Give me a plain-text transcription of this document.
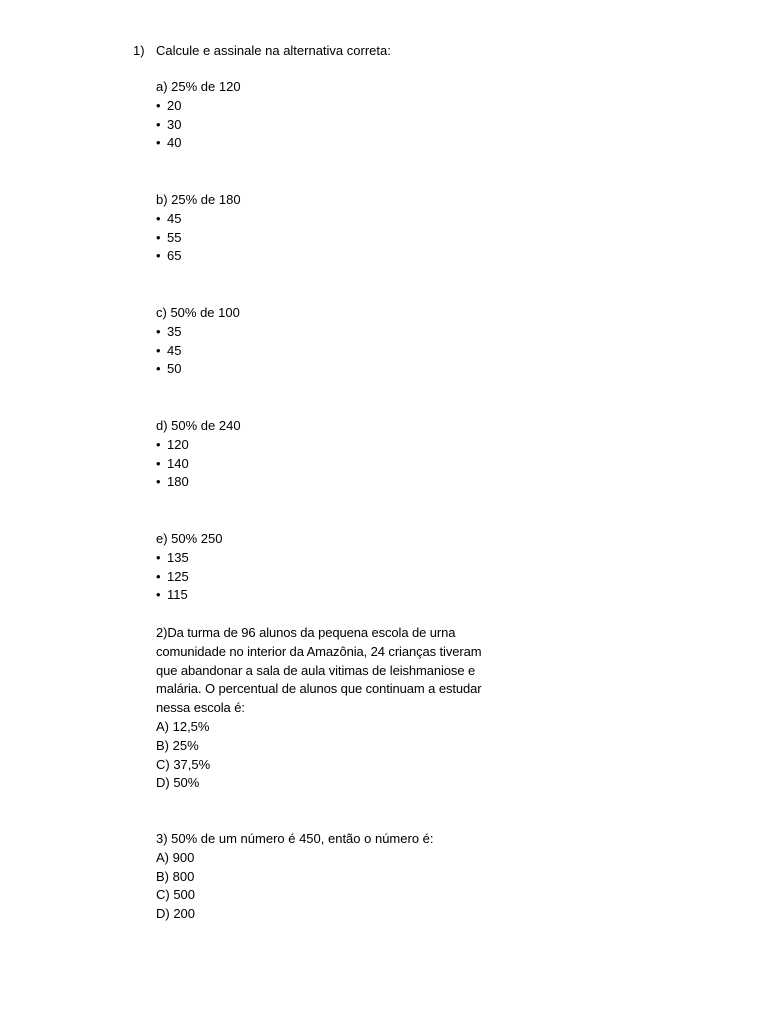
1) Calcule e assinale na alternativa correta:
a) 25% de 120
• 20
• 30
• 40
b) 25% de 180
• 45
• 55
• 65
c) 50% de 100
• 35
• 45
• 50
d) 50% de 240
• 120
• 140
• 180
e) 50% 250
• 135
• 125
• 115
2)Da turma de 96 alunos da pequena escola de urna
comunidade no interior da Amazônia, 24 crianças tiveram
que abandonar a sala de aula vitimas de leishmaniose e
malária. O percentual de alunos que continuam a estudar
nessa escola é:
A) 12,5%
B) 25%
C) 37,5%
D) 50%
3) 50% de um número é 450, então o número é:
A) 900
B) 800
C) 500
D) 200
